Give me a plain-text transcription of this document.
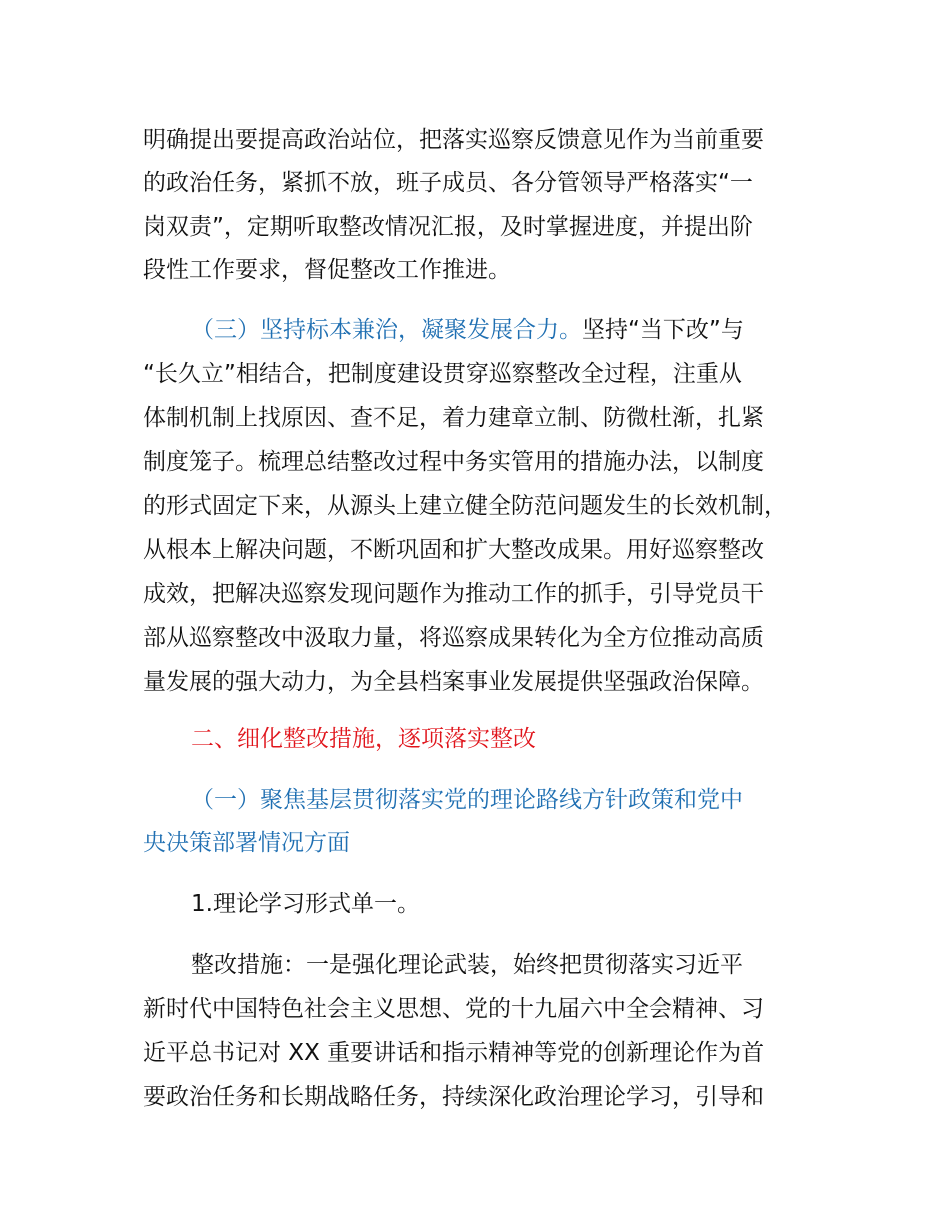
明确提出要提高政治站位，把落实巡察反馈意见作为当前重要
的政治任务，紧抓不放，班子成员、各分管领导严格落实“一
岗双责”，定期听取整改情况汇报，及时掌握进度，并提出阶
段性工作要求，督促整改工作推进。
（三）坚持标本兼治，凝聚发展合力。坚持“当下改”与
“长久立”相结合，把制度建设贯穿巡察整改全过程，注重从
体制机制上找原因、查不足，着力建章立制、防微杜渐，扎紧
制度笼子。梳理总结整改过程中务实管用的措施办法，以制度
的形式固定下来，从源头上建立健全防范问题发生的长效机制，
从根本上解决问题，不断巩固和扩大整改成果。用好巡察整改
成效，把解决巡察发现问题作为推动工作的抓手，引导党员干
部从巡察整改中汲取力量，将巡察成果转化为全方位推动高质
量发展的强大动力，为全县档案事业发展提供坚强政治保障。
二、细化整改措施，逐项落实整改
（一）聚焦基层贯彻落实党的理论路线方针政策和党中
央决策部署情况方面
1.理论学习形式单一。
整改措施：一是强化理论武装，始终把贯彻落实习近平
新时代中国特色社会主义思想、党的十九届六中全会精神、习
近平总书记对 XX 重要讲话和指示精神等党的创新理论作为首
要政治任务和长期战略任务，持续深化政治理论学习，引导和
